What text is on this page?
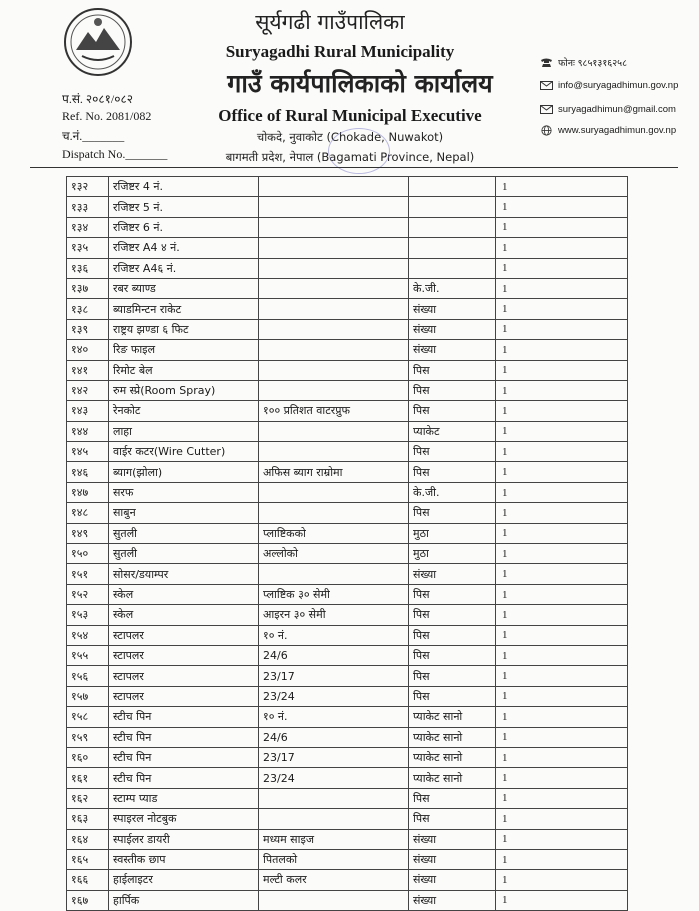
सूर्यगढी गाउँपालिका
Suryagadhi Rural Municipality
गाउँ कार्यपालिकाको कार्यालय
Office of Rural Municipal Executive
चोकदे, नुवाकोट (Chokade, Nuwakot)
बागमती प्रदेश, नेपाल (Bagamati Province, Nepal)
प.सं. २०८१/०८२
Ref. No. 2081/082
च.नं._______
Dispatch No._______
फोनः ९८५१३१६२५८
info@suryagadhimun.gov.np
suryagadhimun@gmail.com
www.suryagadhimun.gov.np
१३२	रजिष्टर 4 नं.			1
१३३	रजिष्टर 5 नं.			1
१३४	रजिष्टर 6 नं.			1
१३५	रजिष्टर A4 ४ नं.			1
१३६	रजिष्टर A4६ नं.			1
१३७	रबर ब्याण्ड		के.जी.	1
१३८	ब्याडमिन्टन राकेट		संख्या	1
१३९	राष्ट्रय झण्डा ६ फिट		संख्या	1
१४०	रिङ फाइल		संख्या	1
१४१	रिमोट बेल		पिस	1
१४२	रुम स्प्रे(Room Spray)		पिस	1
१४३	रेनकोट	१०० प्रतिशत वाटरप्रुफ	पिस	1
१४४	लाहा		प्याकेट	1
१४५	वाईर कटर(Wire Cutter)		पिस	1
१४६	ब्याग(झोला)	अफिस ब्याग राम्रोमा	पिस	1
१४७	सरफ		के.जी.	1
१४८	साबुन		पिस	1
१४९	सुतली	प्लाष्टिकको	मुठा	1
१५०	सुतली	अल्लोको	मुठा	1
१५१	सोसर/डयाम्पर		संख्या	1
१५२	स्केल	प्लाष्टिक ३० सेमी	पिस	1
१५३	स्केल	आइरन ३० सेमी	पिस	1
१५४	स्टापलर	१० नं.	पिस	1
१५५	स्टापलर	24/6	पिस	1
१५६	स्टापलर	23/17	पिस	1
१५७	स्टापलर	23/24	पिस	1
१५८	स्टीच पिन	१० नं.	प्याकेट सानो	1
१५९	स्टीच पिन	24/6	प्याकेट सानो	1
१६०	स्टीच पिन	23/17	प्याकेट सानो	1
१६१	स्टीच पिन	23/24	प्याकेट सानो	1
१६२	स्टाम्प प्याड		पिस	1
१६३	स्पाइरल नोटबुक		पिस	1
१६४	स्पाईलर डायरी	मध्यम साइज	संख्या	1
१६५	स्वस्तीक छाप	पितलको	संख्या	1
१६६	हाईलाइटर	मल्टी कलर	संख्या	1
१६७	हार्पिक		संख्या	1
